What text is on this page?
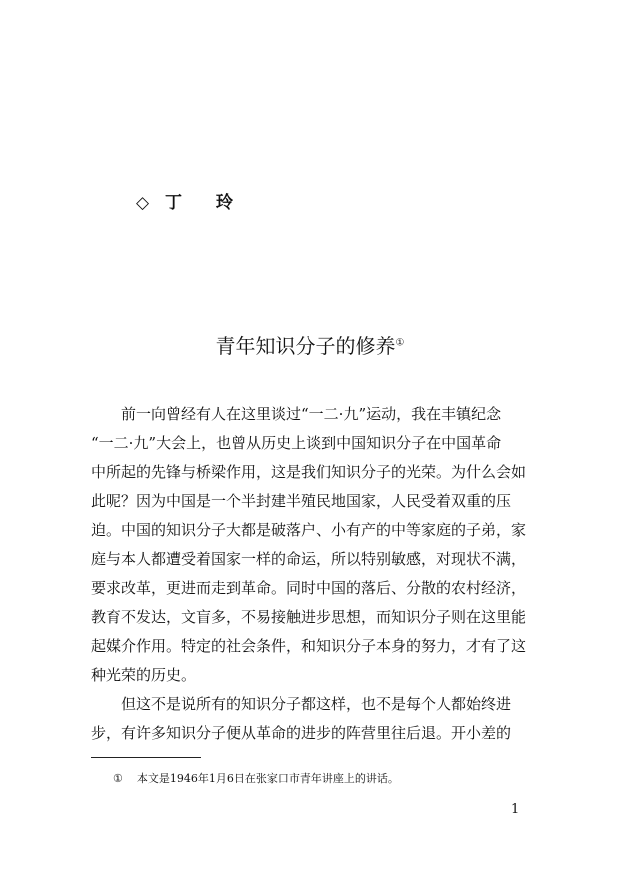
◇ 丁 玲
青年知识分子的修养①
前一向曾经有人在这里谈过“一二·九”运动，我在丰镇纪念
“一二·九”大会上，也曾从历史上谈到中国知识分子在中国革命
中所起的先锋与桥梁作用，这是我们知识分子的光荣。为什么会如
此呢？因为中国是一个半封建半殖民地国家，人民受着双重的压
迫。中国的知识分子大都是破落户、小有产的中等家庭的子弟，家
庭与本人都遭受着国家一样的命运，所以特别敏感，对现状不满，
要求改革，更进而走到革命。同时中国的落后、分散的农村经济，
教育不发达，文盲多，不易接触进步思想，而知识分子则在这里能
起媒介作用。特定的社会条件，和知识分子本身的努力，才有了这
种光荣的历史。
但这不是说所有的知识分子都这样，也不是每个人都始终进
步，有许多知识分子便从革命的进步的阵营里往后退。开小差的
① 本文是1946年1月6日在张家口市青年讲座上的讲话。
1
